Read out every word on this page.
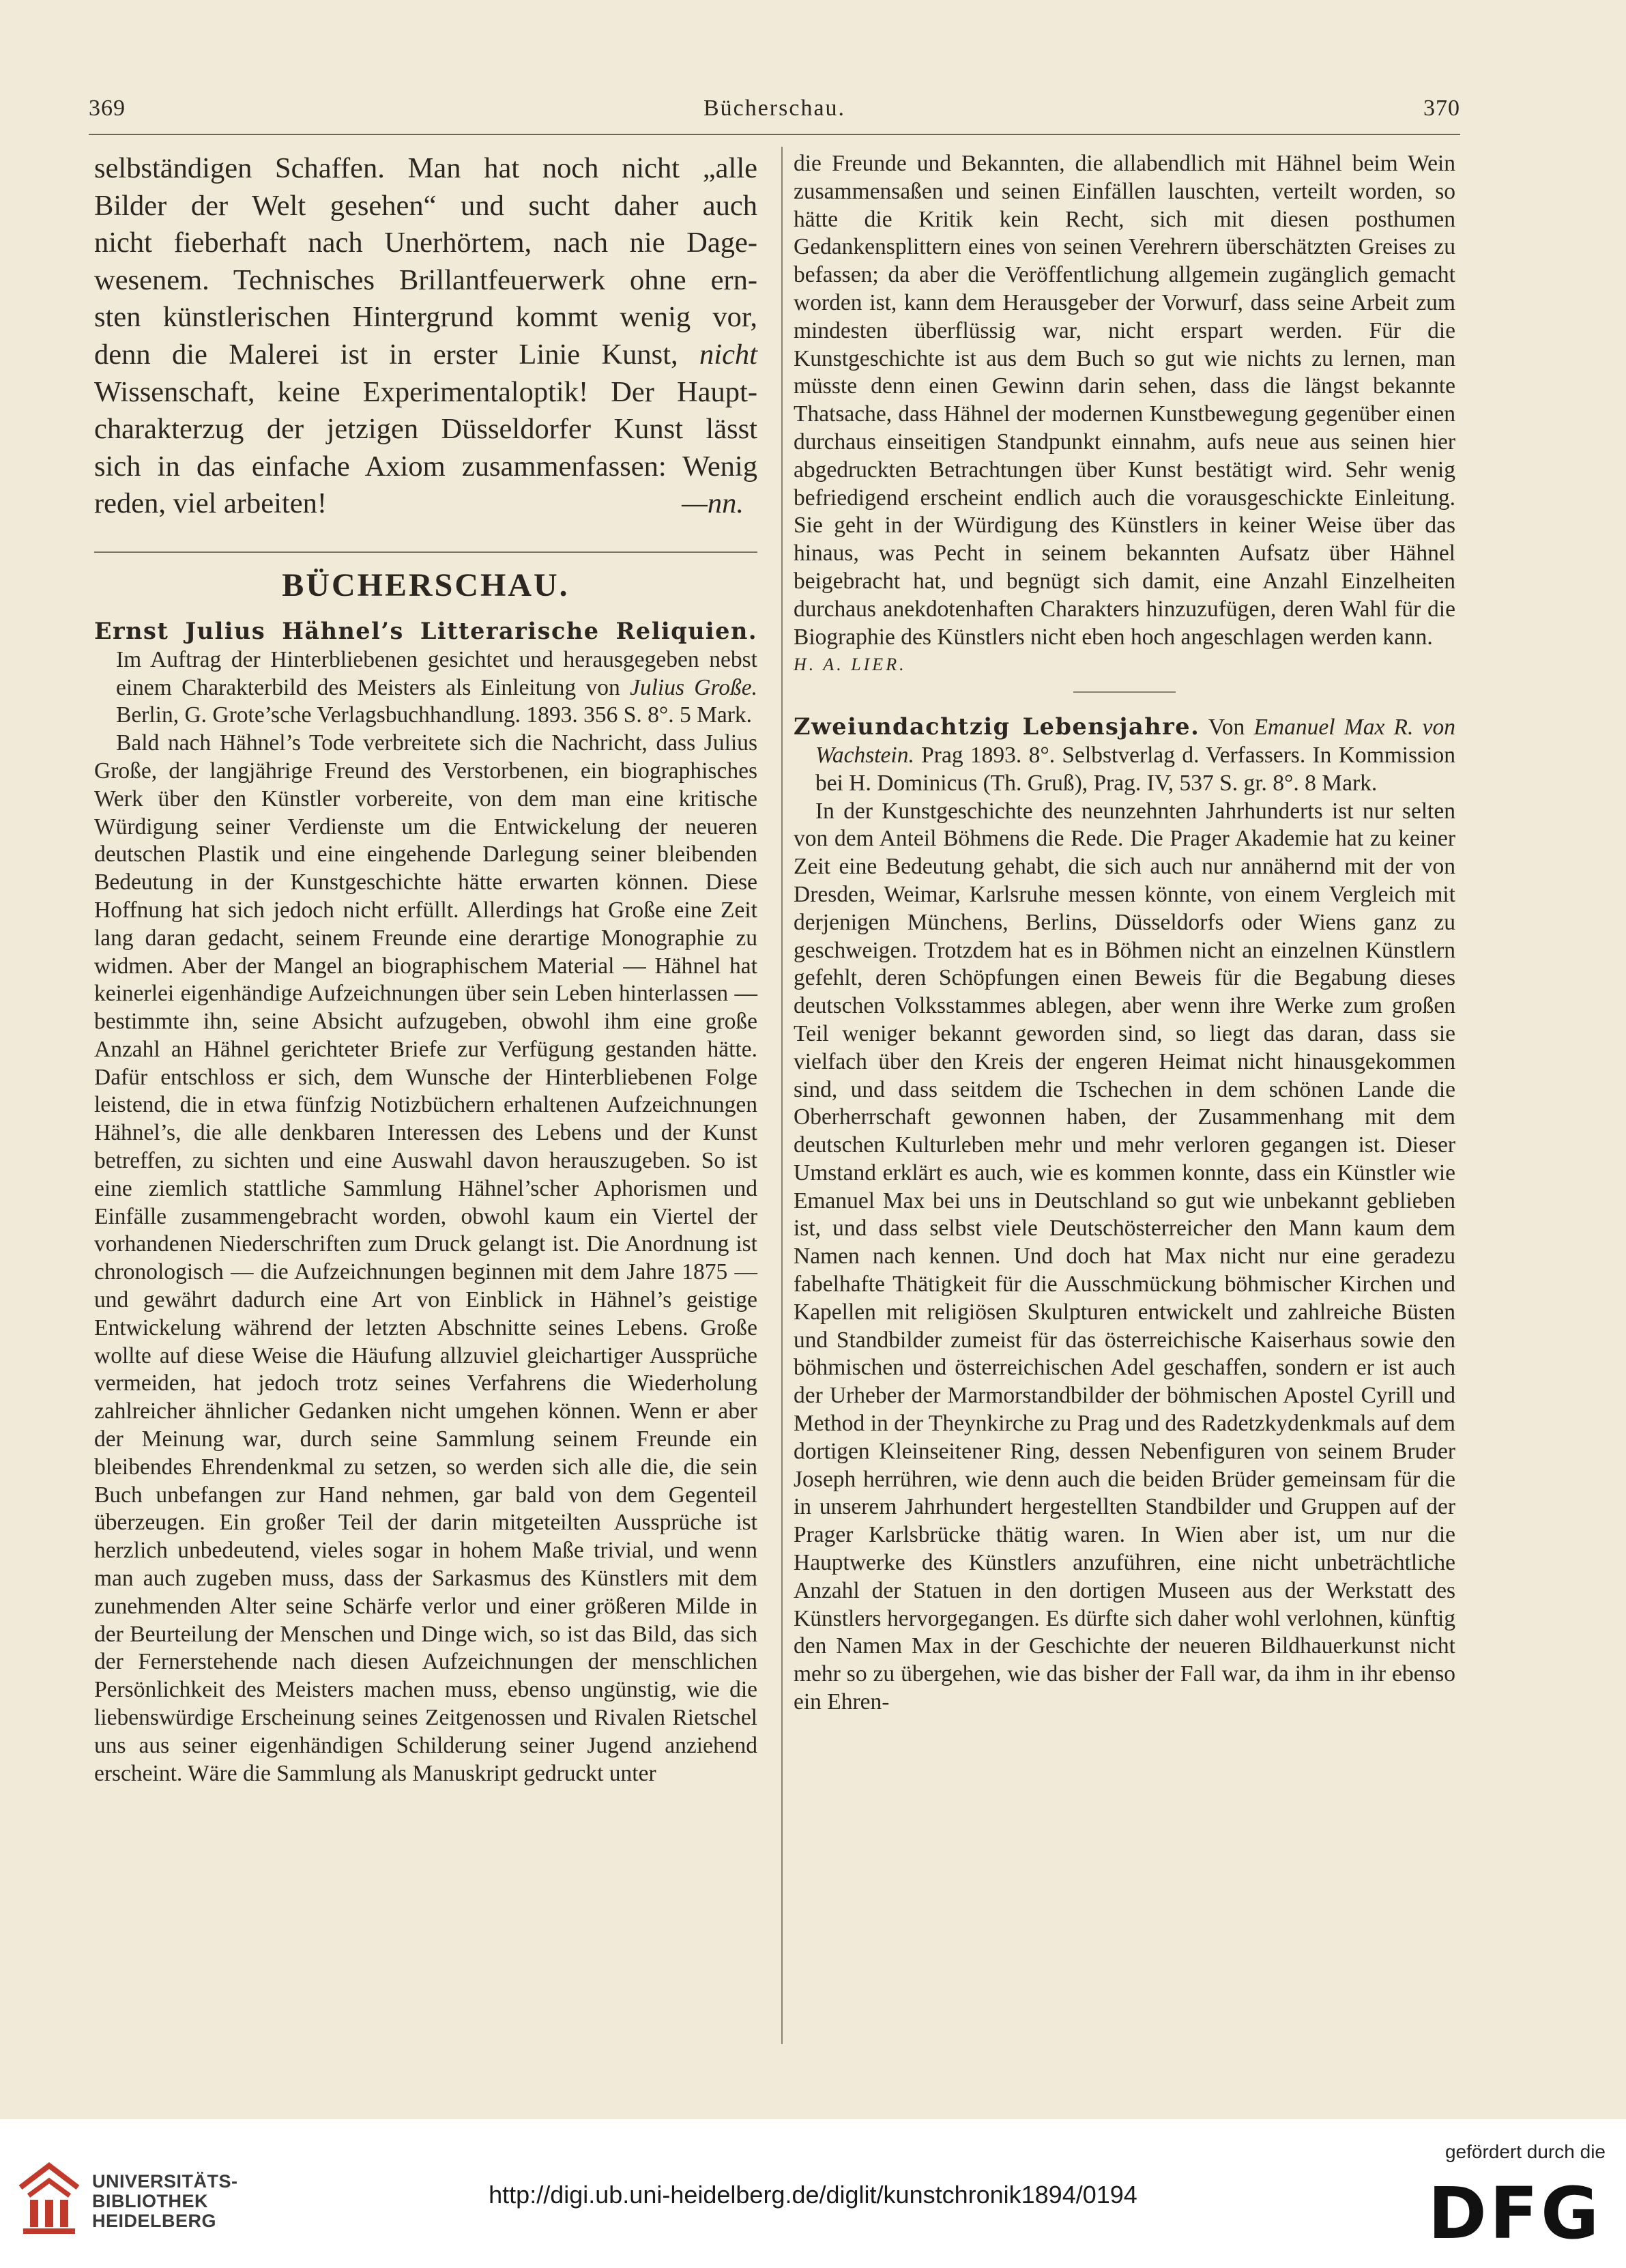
369	Bücherschau.	370

selbständigen Schaffen. Man hat noch nicht „alle

Bilder der Welt gesehen“ und sucht daher auch

nicht fieberhaft nach Unerhörtem, nach nie Dage-

wesenem. Technisches Brillantfeuerwerk ohne ern-

sten künstlerischen Hintergrund kommt wenig vor,

denn die Malerei ist in erster Linie Kunst, nicht

Wissenschaft, keine Experimentaloptik! Der Haupt-

charakterzug der jetzigen Düsseldorfer Kunst lässt

sich in das einfache Axiom zusammenfassen: Wenig

reden, viel arbeiten!	—nn.

BÜCHERSCHAU.

Ernst Julius Hähnel’s Litterarische Reliquien. Im Auftrag der Hinterbliebenen gesichtet und herausgegeben nebst einem Charakterbild des Meisters als Einleitung von Julius Große. Berlin, G. Grote’sche Verlagsbuchhandlung. 1893. 356 S. 8°. 5 Mark.

Bald nach Hähnel’s Tode verbreitete sich die Nachricht, dass Julius Große, der langjährige Freund des Verstorbenen, ein biographisches Werk über den Künstler vorbereite, von dem man eine kritische Würdigung seiner Verdienste um die Entwickelung der neueren deutschen Plastik und eine eingehende Darlegung seiner bleibenden Bedeutung in der Kunstgeschichte hätte erwarten können. Diese Hoffnung hat sich jedoch nicht erfüllt. Allerdings hat Große eine Zeit lang daran gedacht, seinem Freunde eine derartige Monographie zu widmen. Aber der Mangel an biographischem Material — Hähnel hat keinerlei eigenhändige Aufzeichnungen über sein Leben hinterlassen — bestimmte ihn, seine Absicht aufzugeben, obwohl ihm eine große Anzahl an Hähnel gerichteter Briefe zur Verfügung gestanden hätte. Dafür entschloss er sich, dem Wunsche der Hinterbliebenen Folge leistend, die in etwa fünfzig Notizbüchern erhaltenen Aufzeichnungen Hähnel’s, die alle denkbaren Interessen des Lebens und der Kunst betreffen, zu sichten und eine Auswahl davon herauszugeben. So ist eine ziemlich stattliche Sammlung Hähnel’scher Aphorismen und Einfälle zusammengebracht worden, obwohl kaum ein Viertel der vorhandenen Niederschriften zum Druck gelangt ist. Die Anordnung ist chronologisch — die Aufzeichnungen beginnen mit dem Jahre 1875 — und gewährt dadurch eine Art von Einblick in Hähnel’s geistige Entwickelung während der letzten Abschnitte seines Lebens. Große wollte auf diese Weise die Häufung allzuviel gleichartiger Aussprüche vermeiden, hat jedoch trotz seines Verfahrens die Wiederholung zahlreicher ähnlicher Gedanken nicht umgehen können. Wenn er aber der Meinung war, durch seine Sammlung seinem Freunde ein bleibendes Ehrendenkmal zu setzen, so werden sich alle die, die sein Buch unbefangen zur Hand nehmen, gar bald von dem Gegenteil überzeugen. Ein großer Teil der darin mitgeteilten Aussprüche ist herzlich unbedeutend, vieles sogar in hohem Maße trivial, und wenn man auch zugeben muss, dass der Sarkasmus des Künstlers mit dem zunehmenden Alter seine Schärfe verlor und einer größeren Milde in der Beurteilung der Menschen und Dinge wich, so ist das Bild, das sich der Fernerstehende nach diesen Aufzeichnungen der menschlichen Persönlichkeit des Meisters machen muss, ebenso ungünstig, wie die liebenswürdige Erscheinung seines Zeitgenossen und Rivalen Rietschel uns aus seiner eigenhändigen Schilderung seiner Jugend anziehend erscheint. Wäre die Sammlung als Manuskript gedruckt unter

die Freunde und Bekannten, die allabendlich mit Hähnel beim Wein zusammensaßen und seinen Einfällen lauschten, verteilt worden, so hätte die Kritik kein Recht, sich mit diesen posthumen Gedankensplittern eines von seinen Verehrern überschätzten Greises zu befassen; da aber die Veröffentlichung allgemein zugänglich gemacht worden ist, kann dem Herausgeber der Vorwurf, dass seine Arbeit zum mindesten überflüssig war, nicht erspart werden. Für die Kunstgeschichte ist aus dem Buch so gut wie nichts zu lernen, man müsste denn einen Gewinn darin sehen, dass die längst bekannte Thatsache, dass Hähnel der modernen Kunstbewegung gegenüber einen durchaus einseitigen Standpunkt einnahm, aufs neue aus seinen hier abgedruckten Betrachtungen über Kunst bestätigt wird. Sehr wenig befriedigend erscheint endlich auch die vorausgeschickte Einleitung. Sie geht in der Würdigung des Künstlers in keiner Weise über das hinaus, was Pecht in seinem bekannten Aufsatz über Hähnel beigebracht hat, und begnügt sich damit, eine Anzahl Einzelheiten durchaus anekdotenhaften Charakters hinzuzufügen, deren Wahl für die Biographie des Künstlers nicht eben hoch angeschlagen werden kann.

H. A. LIER.

Zweiundachtzig Lebensjahre. Von Emanuel Max R. von Wachstein. Prag 1893. 8°. Selbstverlag d. Verfassers. In Kommission bei H. Dominicus (Th. Gruß), Prag. IV, 537 S. gr. 8°. 8 Mark.

In der Kunstgeschichte des neunzehnten Jahrhunderts ist nur selten von dem Anteil Böhmens die Rede. Die Prager Akademie hat zu keiner Zeit eine Bedeutung gehabt, die sich auch nur annähernd mit der von Dresden, Weimar, Karlsruhe messen könnte, von einem Vergleich mit derjenigen Münchens, Berlins, Düsseldorfs oder Wiens ganz zu geschweigen. Trotzdem hat es in Böhmen nicht an einzelnen Künstlern gefehlt, deren Schöpfungen einen Beweis für die Begabung dieses deutschen Volksstammes ablegen, aber wenn ihre Werke zum großen Teil weniger bekannt geworden sind, so liegt das daran, dass sie vielfach über den Kreis der engeren Heimat nicht hinausgekommen sind, und dass seitdem die Tschechen in dem schönen Lande die Oberherrschaft gewonnen haben, der Zusammenhang mit dem deutschen Kulturleben mehr und mehr verloren gegangen ist. Dieser Umstand erklärt es auch, wie es kommen konnte, dass ein Künstler wie Emanuel Max bei uns in Deutschland so gut wie unbekannt geblieben ist, und dass selbst viele Deutschösterreicher den Mann kaum dem Namen nach kennen. Und doch hat Max nicht nur eine geradezu fabelhafte Thätigkeit für die Ausschmückung böhmischer Kirchen und Kapellen mit religiösen Skulpturen entwickelt und zahlreiche Büsten und Standbilder zumeist für das österreichische Kaiserhaus sowie den böhmischen und österreichischen Adel geschaffen, sondern er ist auch der Urheber der Marmorstandbilder der böhmischen Apostel Cyrill und Method in der Theynkirche zu Prag und des Radetzkydenkmals auf dem dortigen Kleinseitener Ring, dessen Nebenfiguren von seinem Bruder Joseph herrühren, wie denn auch die beiden Brüder gemeinsam für die in unserem Jahrhundert hergestellten Standbilder und Gruppen auf der Prager Karlsbrücke thätig waren. In Wien aber ist, um nur die Hauptwerke des Künstlers anzuführen, eine nicht unbeträchtliche Anzahl der Statuen in den dortigen Museen aus der Werkstatt des Künstlers hervorgegangen. Es dürfte sich daher wohl verlohnen, künftig den Namen Max in der Geschichte der neueren Bildhauerkunst nicht mehr so zu übergehen, wie das bisher der Fall war, da ihm in ihr ebenso ein Ehren-

UNIVERSITÄTS-
BIBLIOTHEK
HEIDELBERG
http://digi.ub.uni-heidelberg.de/diglit/kunstchronik1894/0194
gefördert durch die
DFG
